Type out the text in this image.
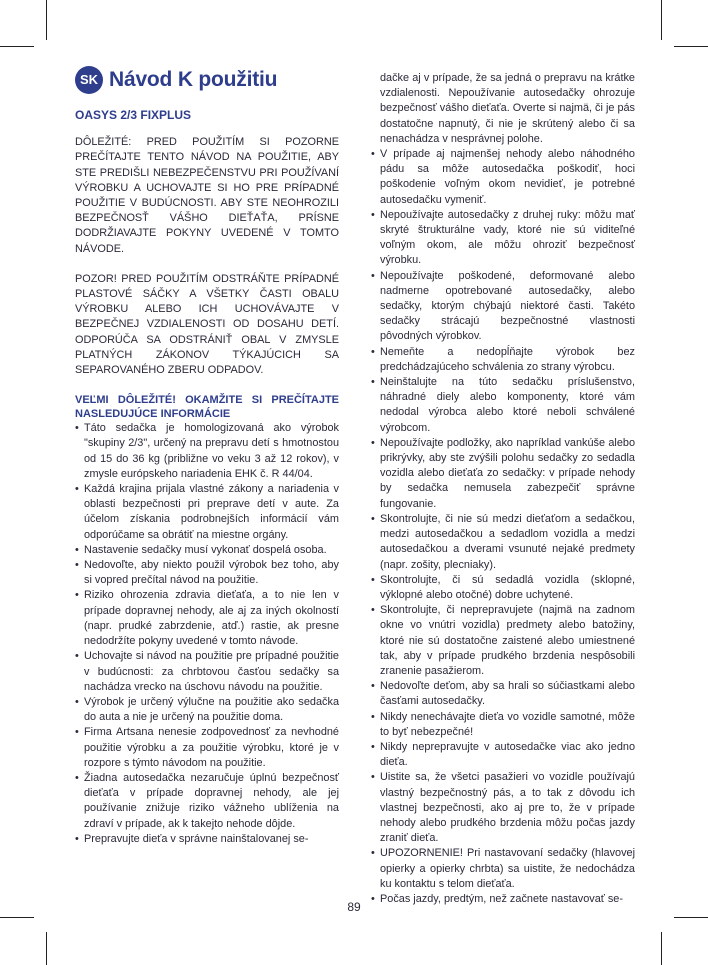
SK Návod K použitiu
OASYS 2/3 FIXPLUS
DÔLEŽITÉ: PRED POUŽITÍM SI POZORNE PREČÍTAJTE TENTO NÁVOD NA POUŽITIE, ABY STE PREDIŠLI NEBEZPEČENSTVU PRI POUŽÍVANÍ VÝROBKU A UCHOVAJTE SI HO PRE PRÍPADNÉ POUŽITIE V BUDÚCNOSTI. ABY STE NEOHROZILI BEZPEČNOSŤ VÁŠHO DIEŤAŤA, PRÍSNE DODRŽIAVAJTE POKYNY UVEDENÉ V TOMTO NÁVODE.
POZOR! PRED POUŽITÍM ODSTRÁŇTE PRÍPADNÉ PLASTOVÉ SÁČKY A VŠETKY ČASTI OBALU VÝROBKU ALEBO ICH UCHOVÁVAJTE V BEZPEČNEJ VZDIALENOSTI OD DOSAHU DETÍ. ODPORÚČA SA ODSTRÁNIŤ OBAL V ZMYSLE PLATNÝCH ZÁKONOV TÝKAJÚCICH SA SEPAROVANÉHO ZBERU ODPADOV.
VEĽMI DÔLEŽITÉ! OKAMŽITE SI PREČÍTAJTE NASLEDUJÚCE INFORMÁCIE
• Táto sedačka je homologizovaná ako výrobok "skupiny 2/3", určený na prepravu detí s hmotnostou od 15 do 36 kg (približne vo veku 3 až 12 rokov), v zmysle európskeho nariadenia EHK č. R 44/04.
• Každá krajina prijala vlastné zákony a nariadenia v oblasti bezpečnosti pri preprave detí v aute. Za účelom získania podrobnejších informácií vám odporúčame sa obrátiť na miestne orgány.
• Nastavenie sedačky musí vykonať dospelá osoba.
• Nedovoľte, aby niekto použil výrobok bez toho, aby si vopred prečítal návod na použitie.
• Riziko ohrozenia zdravia dieťaťa, a to nie len v prípade dopravnej nehody, ale aj za iných okolností (napr. prudké zabrzdenie, atď.) rastie, ak presne nedodržíte pokyny uvedené v tomto návode.
• Uchovajte si návod na použitie pre prípadné použitie v budúcnosti: za chrbtovou časťou sedačky sa nachádza vrecko na úschovu návodu na použitie.
• Výrobok je určený výlučne na použitie ako sedačka do auta a nie je určený na použitie doma.
• Firma Artsana nenesie zodpovednosť za nevhodné použitie výrobku a za použitie výrobku, ktoré je v rozpore s týmto návodom na použitie.
• Žiadna autosedačka nezaručuje úplnú bezpečnosť dieťaťa v prípade dopravnej nehody, ale jej používanie znižuje riziko vážneho ublíženia na zdraví v prípade, ak k takejto nehode dôjde.
• Prepravujte dieťa v správne nainštalovanej se-
dačke aj v prípade, že sa jedná o prepravu na krátke vzdialenosti. Nepoužívanie autosedačky ohrozuje bezpečnosť vášho dieťaťa. Overte si najmä, či je pás dostatočne napnutý, či nie je skrútený alebo či sa nenachádza v nesprávnej polohe.
• V prípade aj najmenšej nehody alebo náhodného pádu sa môže autosedačka poškodiť, hoci poškodenie voľným okom nevidieť, je potrebné autosedačku vymeniť.
• Nepoužívajte autosedačky z druhej ruky: môžu mať skryté štrukturálne vady, ktoré nie sú viditeľné voľným okom, ale môžu ohroziť bezpečnosť výrobku.
• Nepoužívajte poškodené, deformované alebo nadmerne opotrebované autosedačky, alebo sedačky, ktorým chýbajú niektoré časti. Takéto sedačky strácajú bezpečnostné vlastnosti pôvodných výrobkov.
• Nemeňte a nedopĺňajte výrobok bez predchádzajúceho schválenia zo strany výrobcu.
• Neinštalujte na túto sedačku príslušenstvo, náhradné diely alebo komponenty, ktoré vám nedodal výrobca alebo ktoré neboli schválené výrobcom.
• Nepoužívajte podložky, ako napríklad vankúše alebo prikrývky, aby ste zvýšili polohu sedačky zo sedadla vozidla alebo dieťaťa zo sedačky: v prípade nehody by sedačka nemusela zabezpečiť správne fungovanie.
• Skontrolujte, či nie sú medzi dieťaťom a sedačkou, medzi autosedačkou a sedadlom vozidla a medzi autosedačkou a dverami vsunuté nejaké predmety (napr. zošity, plecniaky).
• Skontrolujte, či sú sedadlá vozidla (sklopné, výklopné alebo otočné) dobre uchytené.
• Skontrolujte, či neprepravujete (najmä na zadnom okne vo vnútri vozidla) predmety alebo batožiny, ktoré nie sú dostatočne zaistené alebo umiestnené tak, aby v prípade prudkého brzdenia nespôsobili zranenie pasažierom.
• Nedovoľte deťom, aby sa hrali so súčiastkami alebo časťami autosedačky.
• Nikdy nenechávajte dieťa vo vozidle samotné, môže to byť nebezpečné!
• Nikdy neprepravujte v autosedačke viac ako jedno dieťa.
• Uistite sa, že všetci pasažieri vo vozidle používajú vlastný bezpečnostný pás, a to tak z dôvodu ich vlastnej bezpečnosti, ako aj pre to, že v prípade nehody alebo prudkého brzdenia môžu počas jazdy zraniť dieťa.
• UPOZORNENIE! Pri nastavovaní sedačky (hlavovej opierky a opierky chrbta) sa uistite, že nedochádza ku kontaktu s telom dieťaťa.
• Počas jazdy, predtým, než začnete nastavovať se-
89
